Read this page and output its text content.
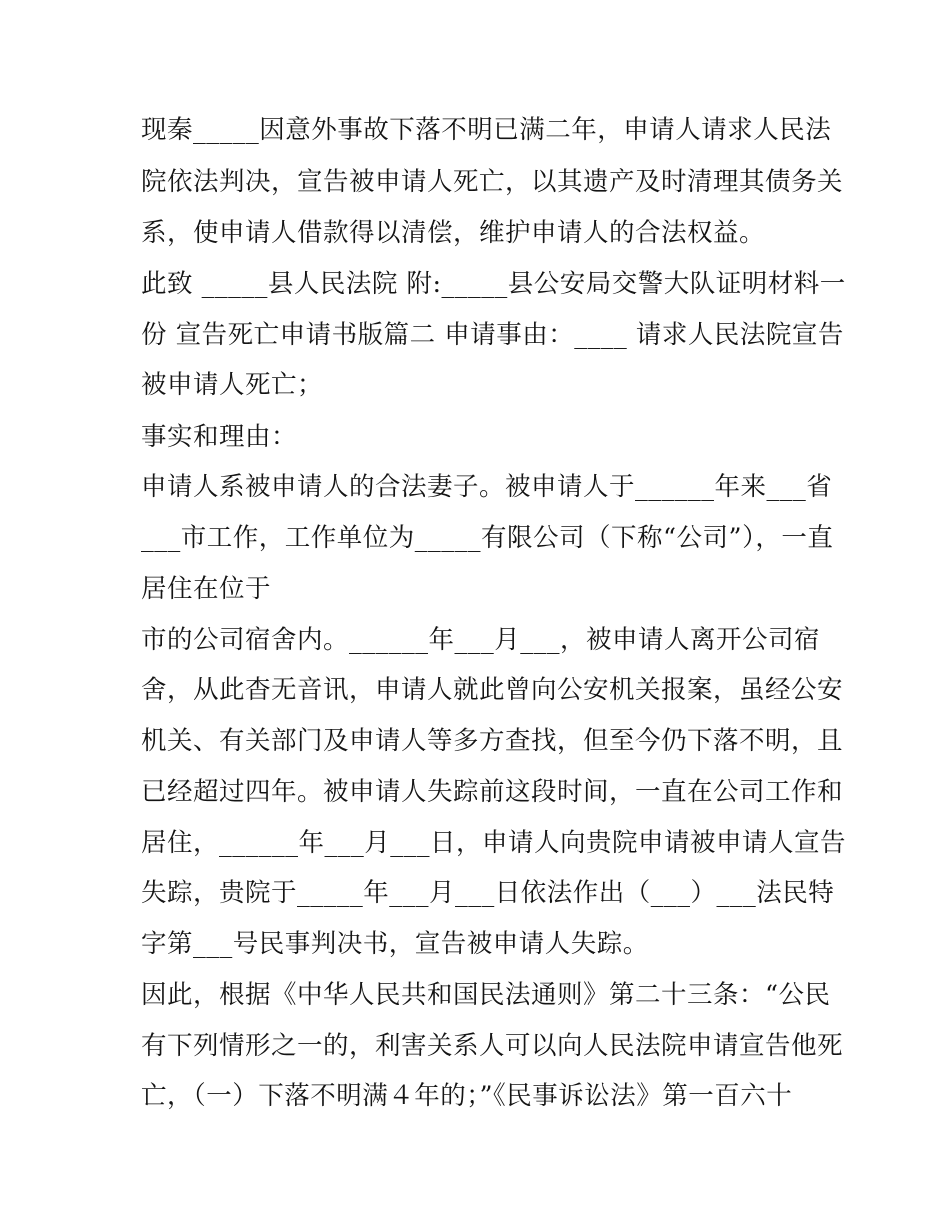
现秦_____因意外事故下落不明已满二年，申请人请求人民法
院依法判决，宣告被申请人死亡，以其遗产及时清理其债务关
系，使申请人借款得以清偿，维护申请人的合法权益。
此致 _____县人民法院 附:_____县公安局交警大队证明材料一
份 宣告死亡申请书版篇二 申请事由：____ 请求人民法院宣告
被申请人死亡；
事实和理由：
申请人系被申请人的合法妻子。被申请人于______年来___省
___市工作，工作单位为_____有限公司（下称“公司”），一直
居住在位于
市的公司宿舍内。______年___月___，被申请人离开公司宿
舍，从此杳无音讯，申请人就此曾向公安机关报案，虽经公安
机关、有关部门及申请人等多方查找，但至今仍下落不明，且
已经超过四年。被申请人失踪前这段时间，一直在公司工作和
居住，______年___月___日，申请人向贵院申请被申请人宣告
失踪，贵院于_____年___月___日依法作出（___）___法民特
字第___号民事判决书，宣告被申请人失踪。
因此，根据《中华人民共和国民法通则》第二十三条：“公民
有下列情形之一的，利害关系人可以向人民法院申请宣告他死
亡，（一）下落不明满４年的；”《民事诉讼法》第一百六十
